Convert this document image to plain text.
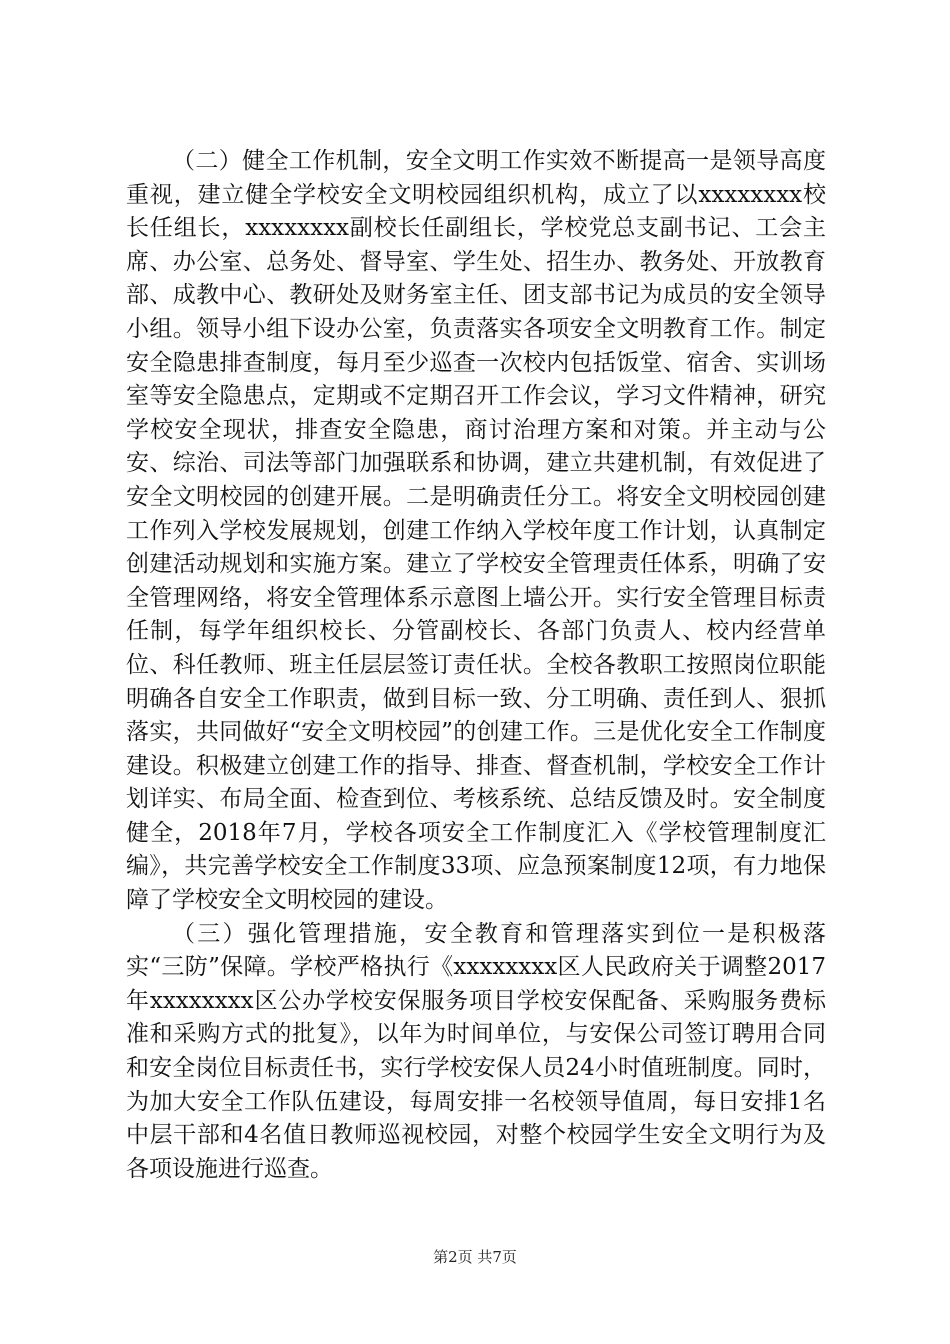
（二）健全工作机制，安全文明工作实效不断提高一是领导高度重视，建立健全学校安全文明校园组织机构，成立了以xxxxxxxx校长任组长，xxxxxxxx副校长任副组长，学校党总支副书记、工会主席、办公室、总务处、督导室、学生处、招生办、教务处、开放教育部、成教中心、教研处及财务室主任、团支部书记为成员的安全领导小组。领导小组下设办公室，负责落实各项安全文明教育工作。制定安全隐患排查制度，每月至少巡查一次校内包括饭堂、宿舍、实训场室等安全隐患点，定期或不定期召开工作会议，学习文件精神，研究学校安全现状，排查安全隐患，商讨治理方案和对策。并主动与公安、综治、司法等部门加强联系和协调，建立共建机制，有效促进了安全文明校园的创建开展。二是明确责任分工。将安全文明校园创建工作列入学校发展规划，创建工作纳入学校年度工作计划，认真制定创建活动规划和实施方案。建立了学校安全管理责任体系，明确了安全管理网络，将安全管理体系示意图上墙公开。实行安全管理目标责任制，每学年组织校长、分管副校长、各部门负责人、校内经营单位、科任教师、班主任层层签订责任状。全校各教职工按照岗位职能明确各自安全工作职责，做到目标一致、分工明确、责任到人、狠抓落实，共同做好“安全文明校园”的创建工作。三是优化安全工作制度建设。积极建立创建工作的指导、排查、督查机制，学校安全工作计划详实、布局全面、检查到位、考核系统、总结反馈及时。安全制度健全，2018年7月，学校各项安全工作制度汇入《学校管理制度汇编》，共完善学校安全工作制度33项、应急预案制度12项，有力地保障了学校安全文明校园的建设。

（三）强化管理措施，安全教育和管理落实到位一是积极落实“三防”保障。学校严格执行《xxxxxxxx区人民政府关于调整2017年xxxxxxxx区公办学校安保服务项目学校安保配备、采购服务费标准和采购方式的批复》，以年为时间单位，与安保公司签订聘用合同和安全岗位目标责任书，实行学校安保人员24小时值班制度。同时，为加大安全工作队伍建设，每周安排一名校领导值周，每日安排1名中层干部和4名值日教师巡视校园，对整个校园学生安全文明行为及各项设施进行巡查。

第2页 共7页
